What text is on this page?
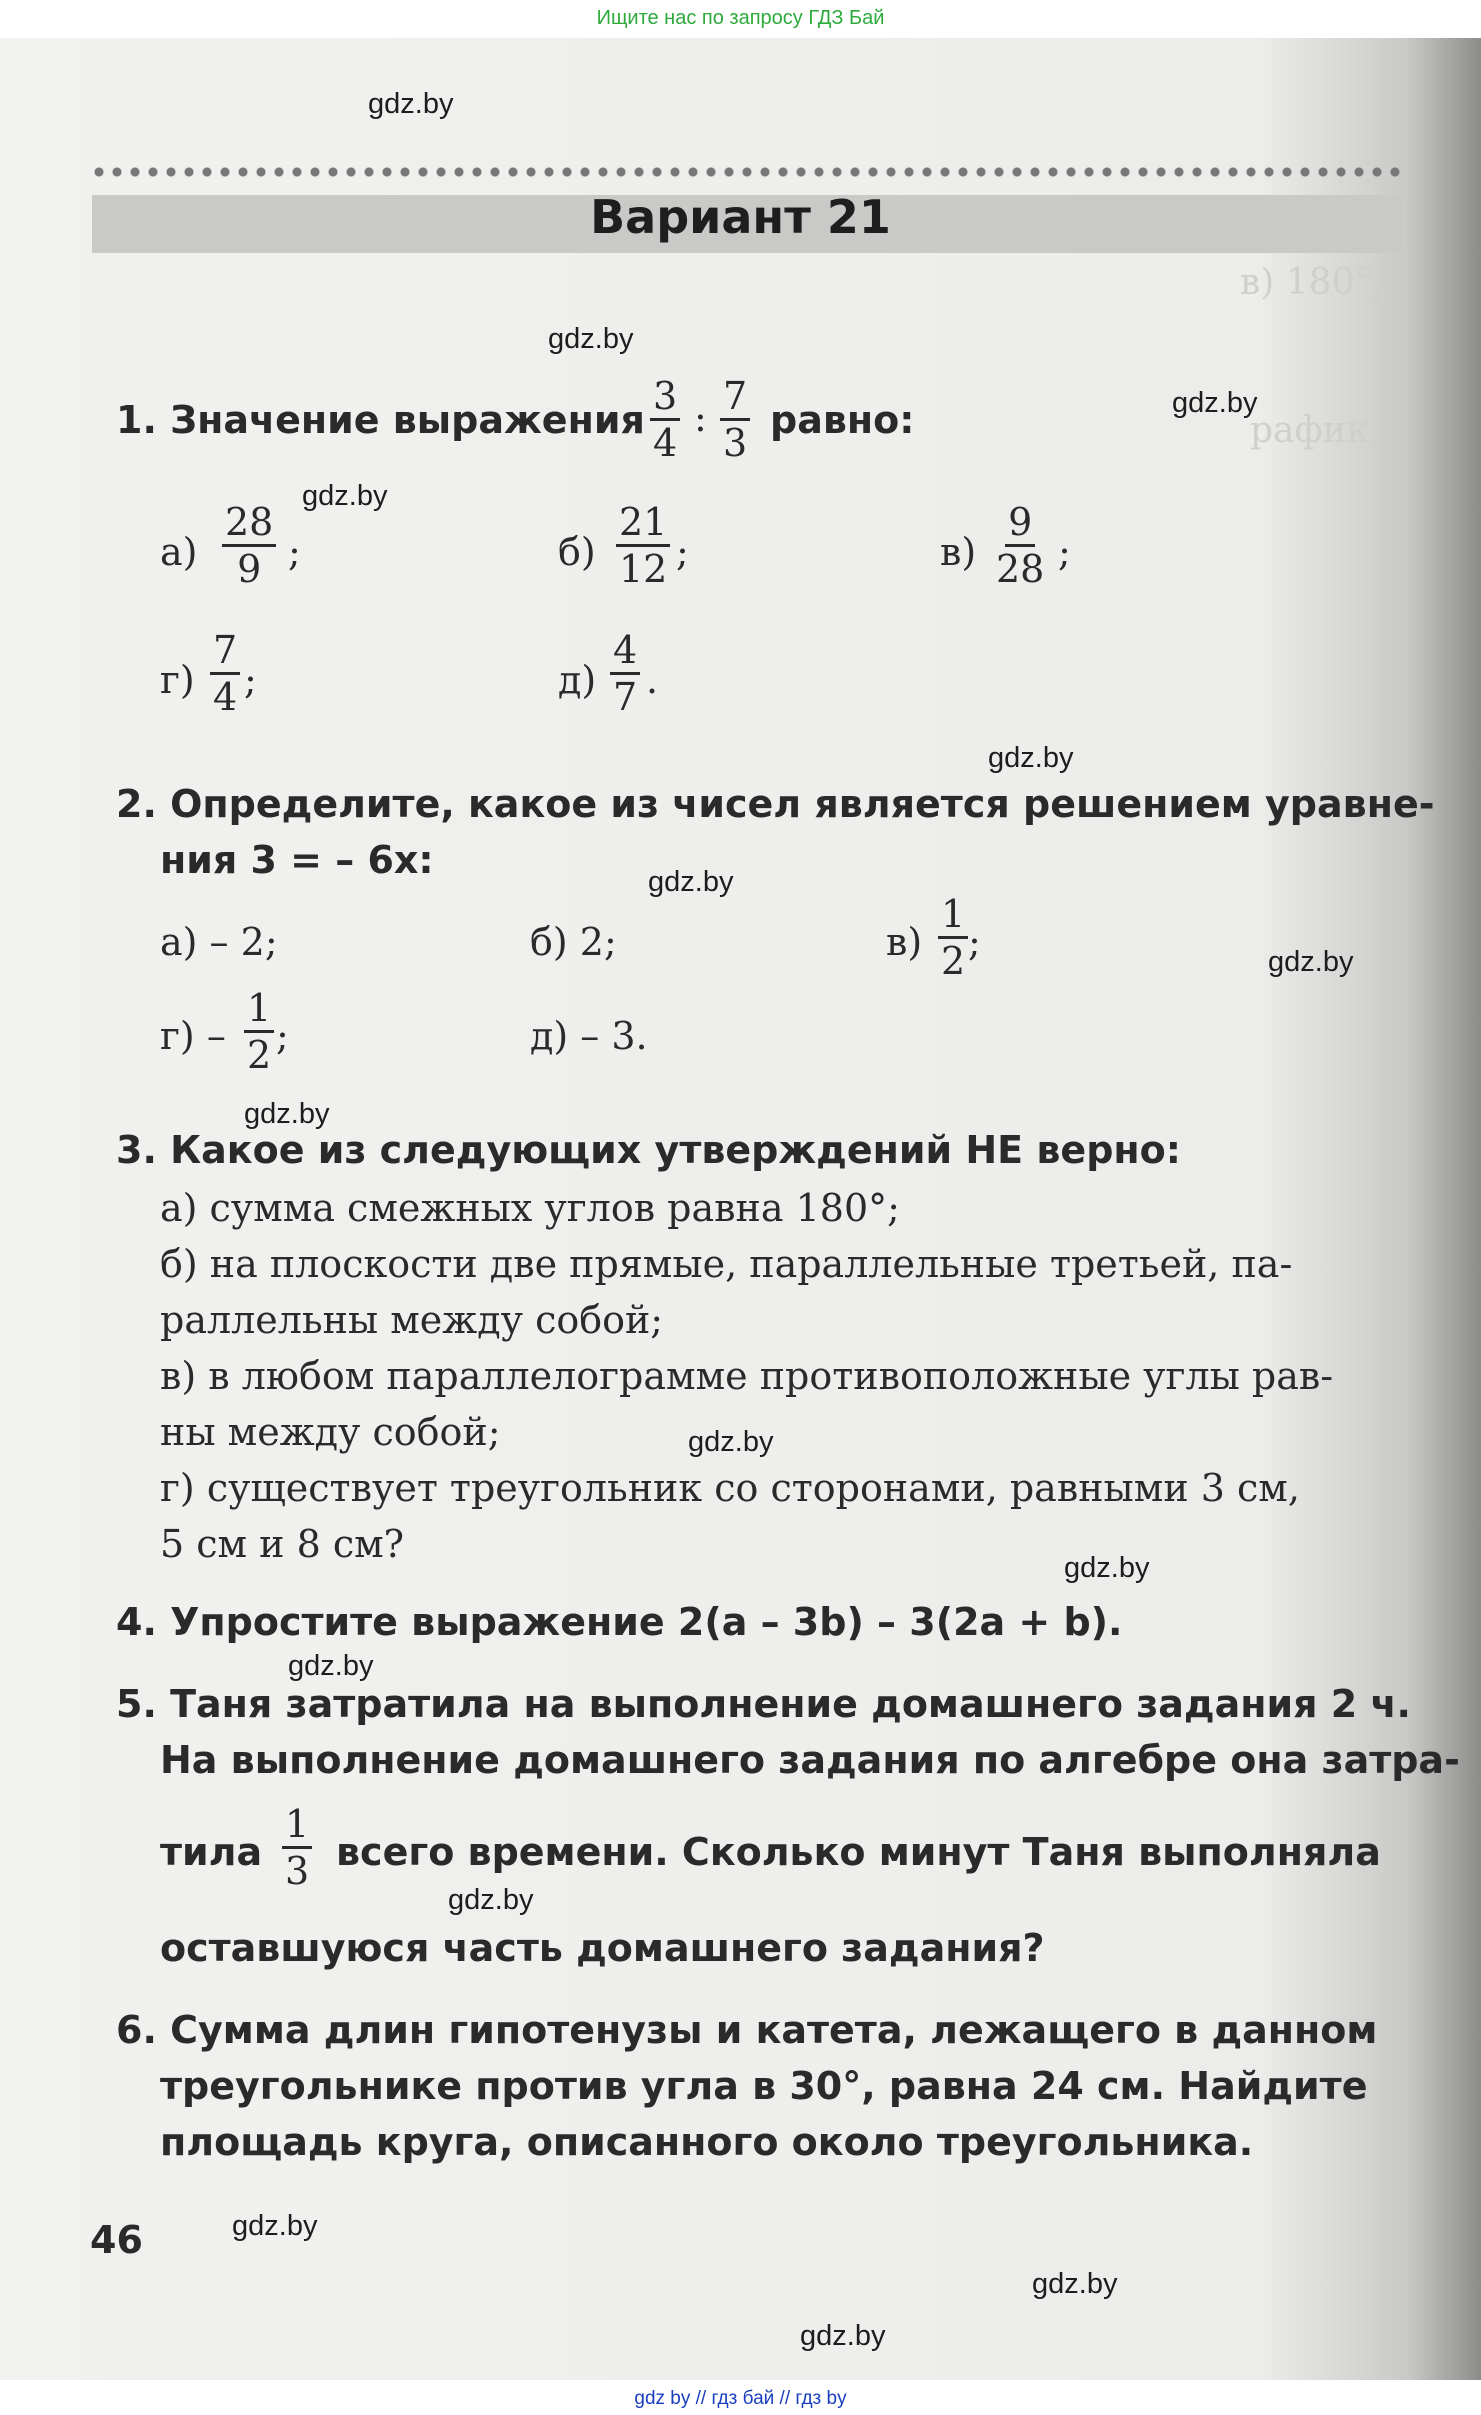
Ищите нас по запросу ГДЗ Бай
в) 180°,
рафик
Вариант 21
gdz.by
gdz.by
gdz.by
gdz.by
gdz.by
gdz.by
gdz.by
gdz.by
gdz.by
gdz.by
gdz.by
gdz.by
gdz.by
gdz.by
gdz.by
1. Значение выражения $\frac{3}{4}$ : $\frac{7}{3}$ равно:
$а) \frac{28}{9}$ ;	$б) \frac{21}{12}$ ;	$в) \frac{9}{28}$ ;
$г) \frac{7}{4}$ ;	$д) \frac{4}{7}$ .
2. Определите, какое из чисел является решением уравне-
ния 3 = – 6x:
а) – 2;	б) 2;	$в) \frac{1}{2}$ ;
$г) - \frac{1}{2}$ ;	д) – 3.
3. Какое из следующих утверждений НЕ верно:
а) сумма смежных углов равна 180°;
б) на плоскости две прямые, параллельные третьей, па-
раллельны между собой;
в) в любом параллелограмме противоположные углы рав-
ны между собой;
г) существует треугольник со сторонами, равными 3 см,
5 см и 8 см?
4. Упростите выражение 2(a – 3b) – 3(2a + b).
5. Таня затратила на выполнение домашнего задания 2 ч.
На выполнение домашнего задания по алгебре она затра-
тила $\frac{1}{3}$ всего времени. Сколько минут Таня выполняла
оставшуюся часть домашнего задания?
6. Сумма длин гипотенузы и катета, лежащего в данном
треугольнике против угла в 30°, равна 24 см. Найдите
площадь круга, описанного около треугольника.
46
gdz by // гдз бай // гдз by
